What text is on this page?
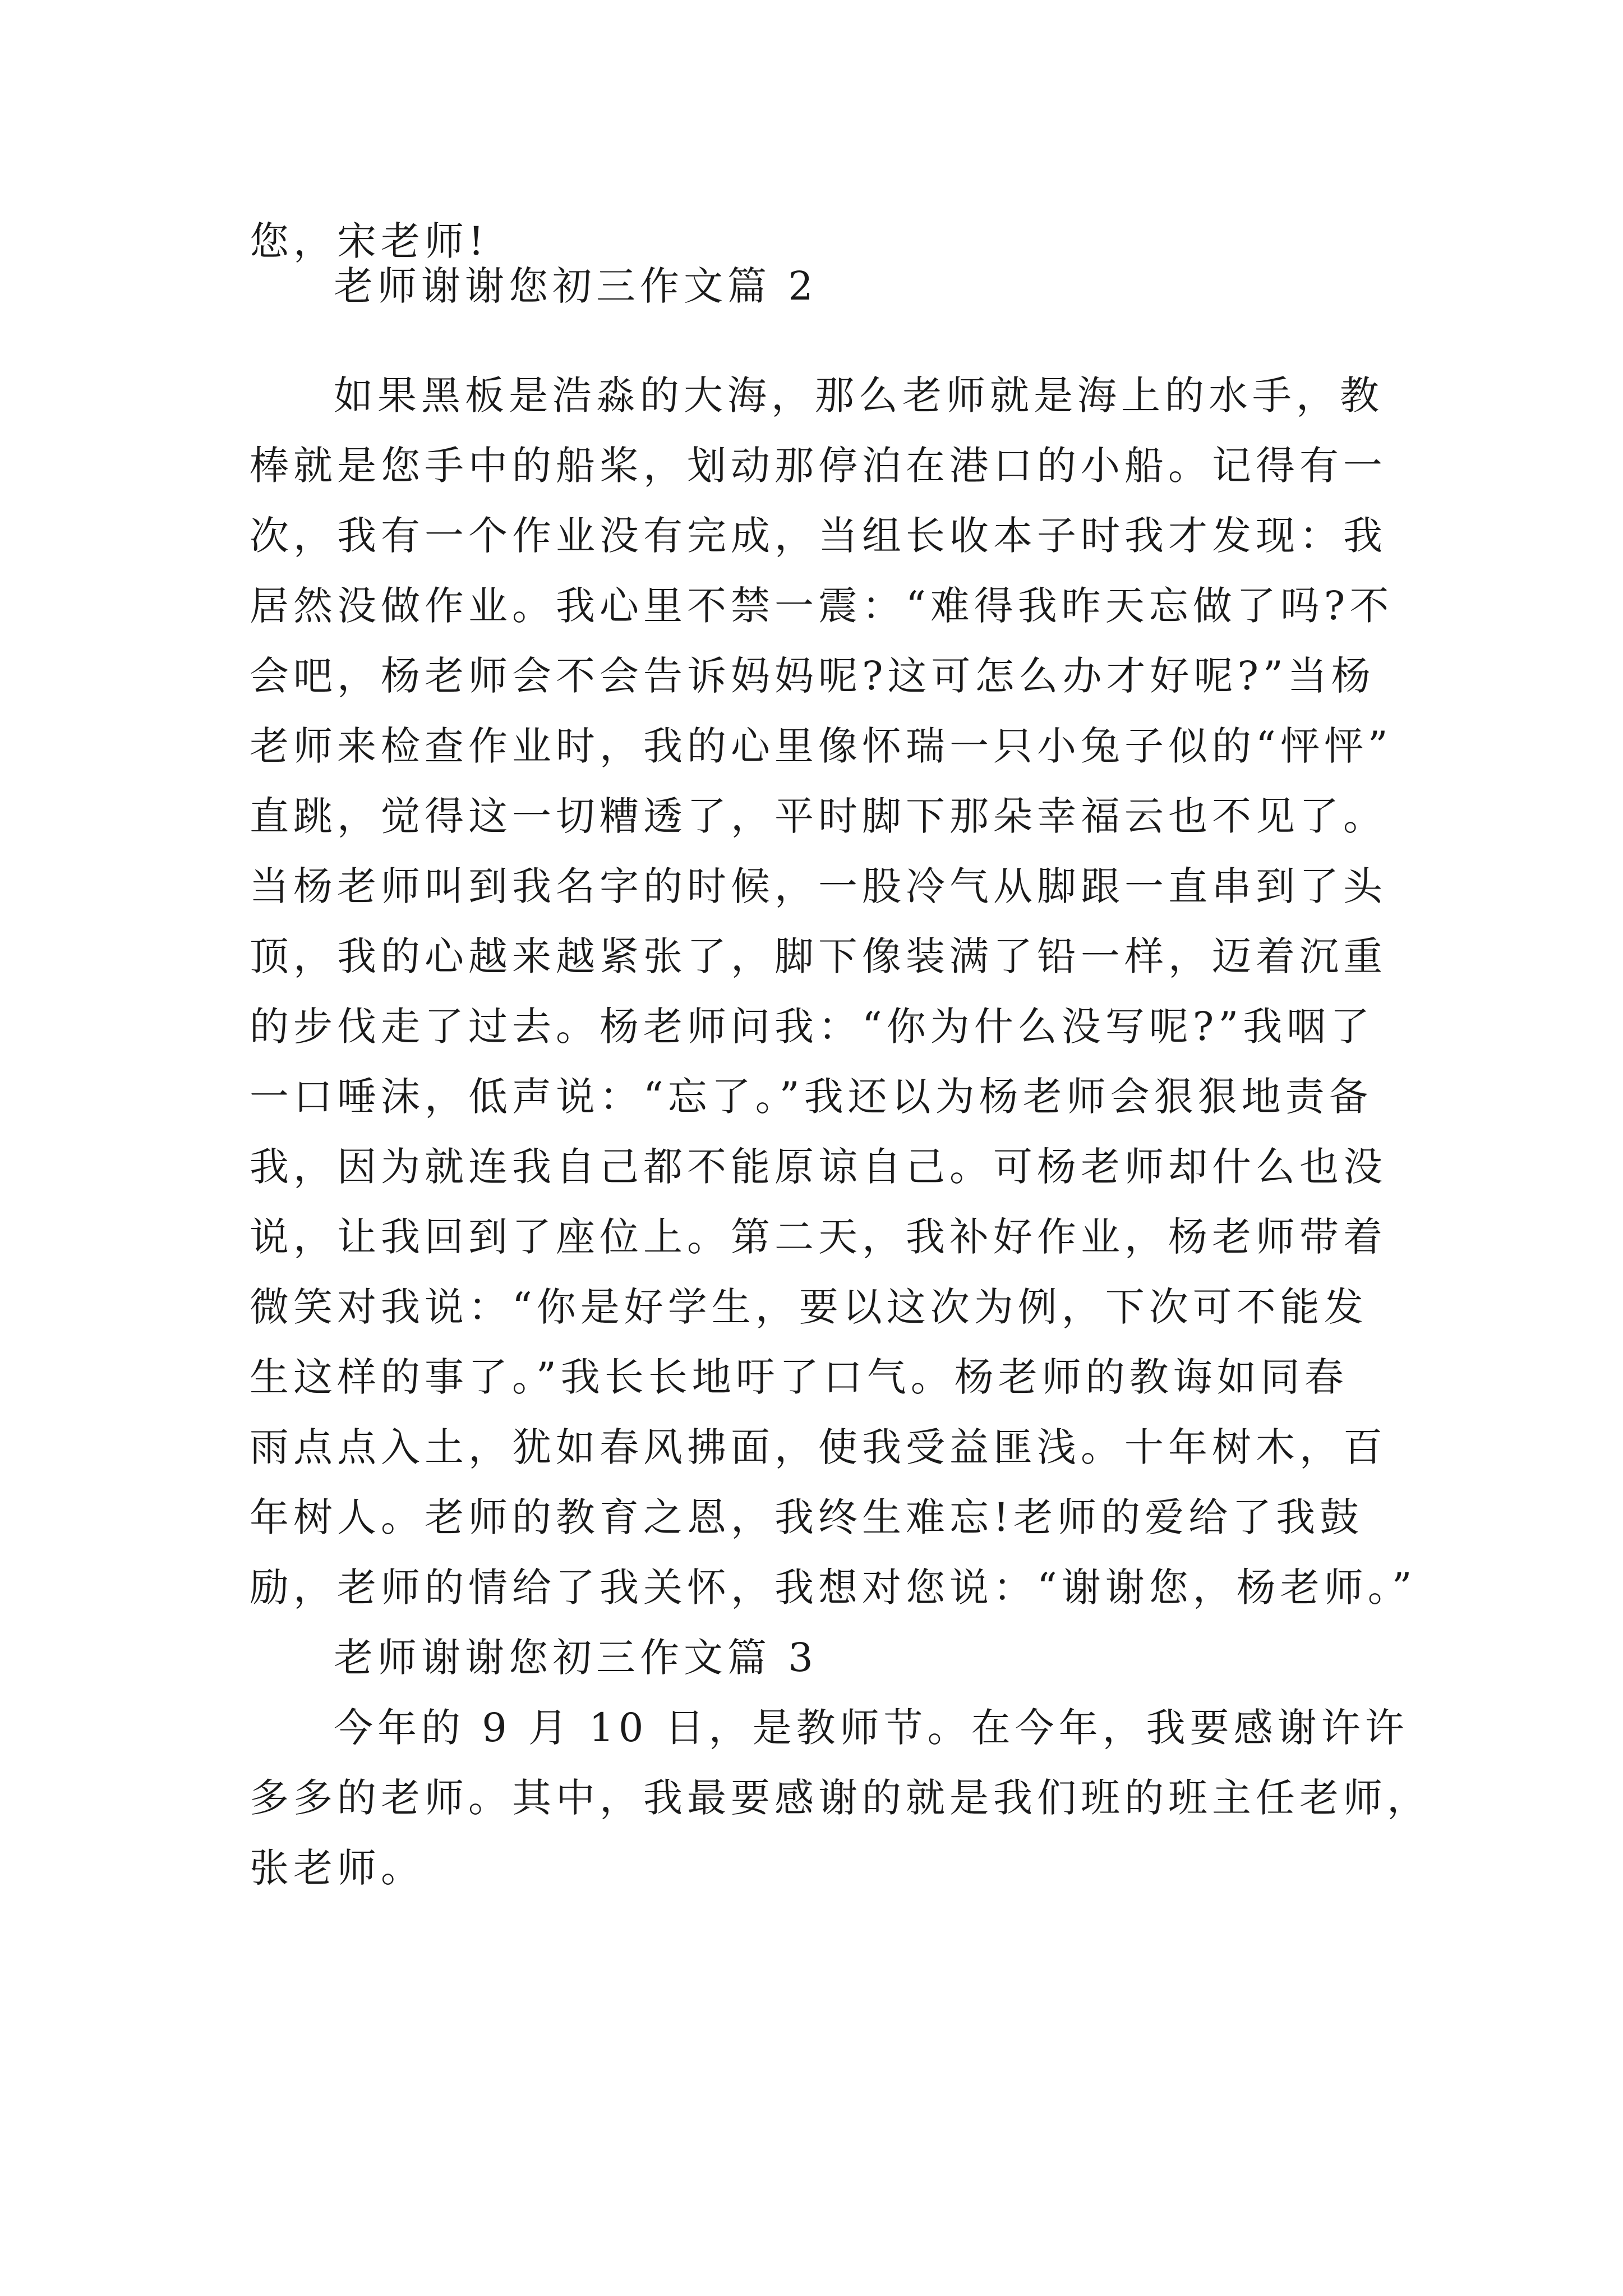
您，宋老师!
老师谢谢您初三作文篇 2
如果黑板是浩淼的大海，那么老师就是海上的水手，教
棒就是您手中的船桨，划动那停泊在港口的小船。记得有一
次，我有一个作业没有完成，当组长收本子时我才发现：我
居然没做作业。我心里不禁一震：“难得我昨天忘做了吗?不
会吧，杨老师会不会告诉妈妈呢?这可怎么办才好呢?”当杨
老师来检查作业时，我的心里像怀瑞一只小兔子似的“怦怦”
直跳，觉得这一切糟透了，平时脚下那朵幸福云也不见了。
当杨老师叫到我名字的时候，一股冷气从脚跟一直串到了头
顶，我的心越来越紧张了，脚下像装满了铅一样，迈着沉重
的步伐走了过去。杨老师问我：“你为什么没写呢?”我咽了
一口唾沫，低声说：“忘了。”我还以为杨老师会狠狠地责备
我，因为就连我自己都不能原谅自己。可杨老师却什么也没
说，让我回到了座位上。第二天，我补好作业，杨老师带着
微笑对我说：“你是好学生，要以这次为例，下次可不能发
生这样的事了。”我长长地吁了口气。杨老师的教诲如同春
雨点点入土，犹如春风拂面，使我受益匪浅。十年树木，百
年树人。老师的教育之恩，我终生难忘!老师的爱给了我鼓
励，老师的情给了我关怀，我想对您说：“谢谢您，杨老师。”
老师谢谢您初三作文篇 3
今年的 9 月 10 日，是教师节。在今年，我要感谢许许
多多的老师。其中，我最要感谢的就是我们班的班主任老师，
张老师。
